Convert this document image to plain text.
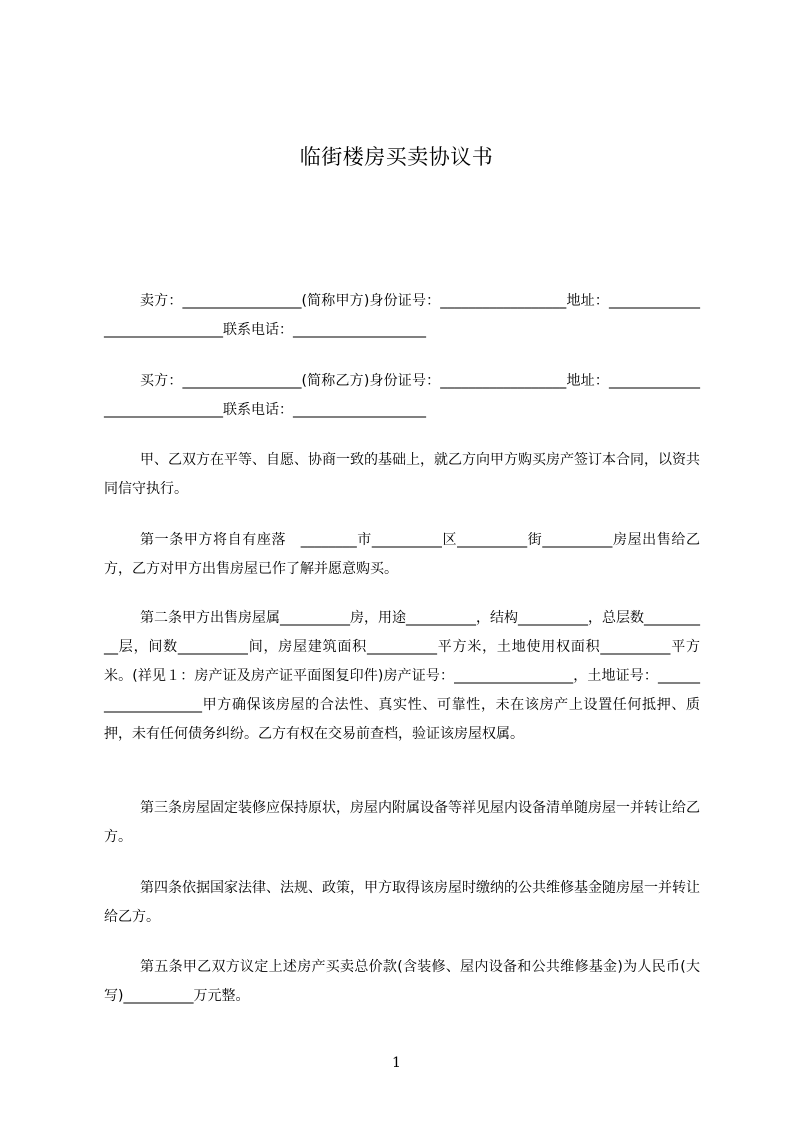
临街楼房买卖协议书

卖方：_________________(简称甲方)身份证号：__________________地址：______________________________联系电话：___________________

买方：_________________(简称乙方)身份证号：__________________地址：______________________________联系电话：___________________

甲、乙双方在平等、自愿、协商一致的基础上，就乙方向甲方购买房产签订本合同，以资共同信守执行。

第一条甲方将自有座落　________市__________区__________街__________房屋出售给乙方，乙方对甲方出售房屋已作了解并愿意购买。

第二条甲方出售房屋属__________房，用途__________，结构__________，总层数__________层，间数__________间，房屋建筑面积__________平方米，土地使用权面积__________平方米。(祥见１：房产证及房产证平面图复印件)房产证号：_________________，土地证号：____________________甲方确保该房屋的合法性、真实性、可靠性，未在该房产上设置任何抵押、质押，未有任何债务纠纷。乙方有权在交易前查档，验证该房屋权属。

第三条房屋固定装修应保持原状，房屋内附属设备等祥见屋内设备清单随房屋一并转让给乙方。

第四条依据国家法律、法规、政策，甲方取得该房屋时缴纳的公共维修基金随房屋一并转让给乙方。

第五条甲乙双方议定上述房产买卖总价款(含装修、屋内设备和公共维修基金)为人民币(大写)__________万元整。

1
